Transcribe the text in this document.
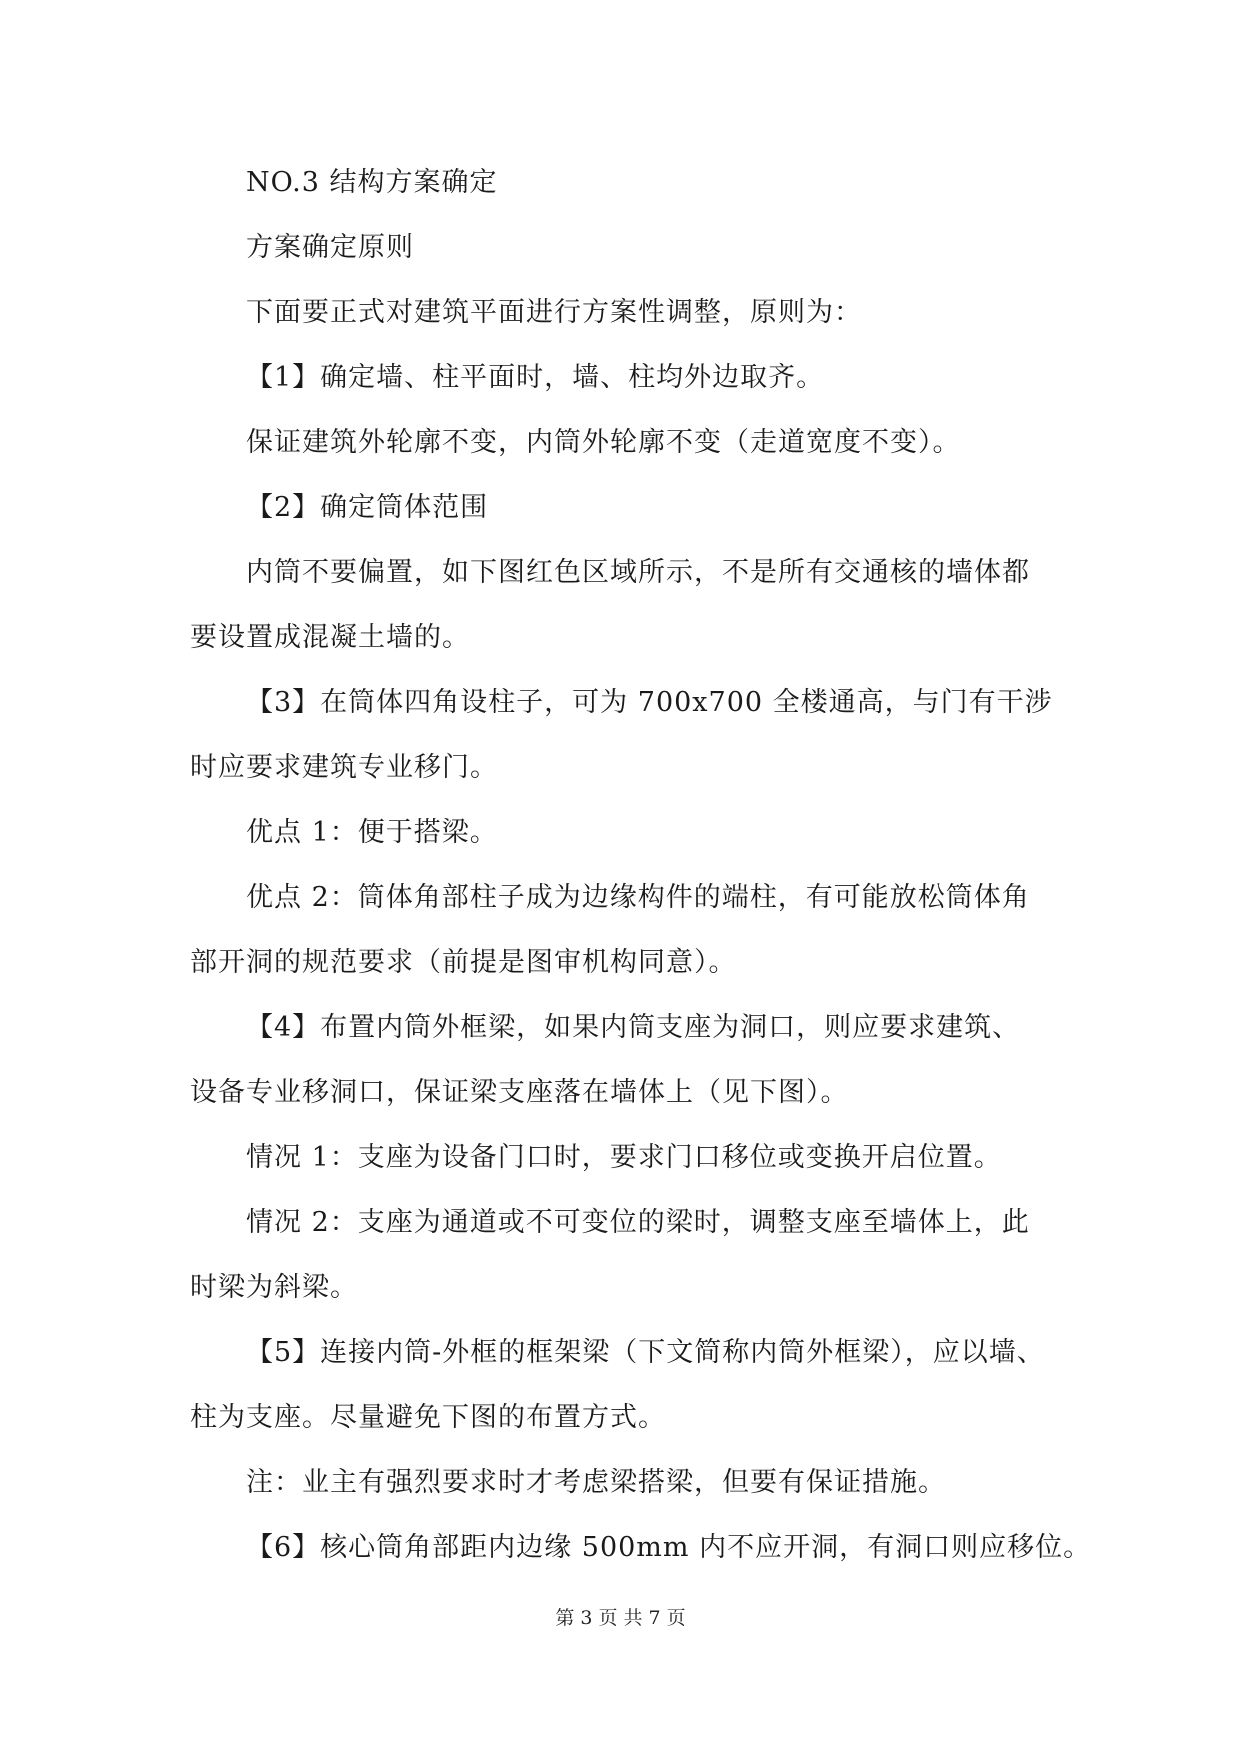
NO.3 结构方案确定
方案确定原则
下面要正式对建筑平面进行方案性调整，原则为：
【1】确定墙、柱平面时，墙、柱均外边取齐。
保证建筑外轮廓不变，内筒外轮廓不变（走道宽度不变）。
【2】确定筒体范围
内筒不要偏置，如下图红色区域所示，不是所有交通核的墙体都
要设置成混凝土墙的。
【3】在筒体四角设柱子，可为 700x700 全楼通高，与门有干涉
时应要求建筑专业移门。
优点 1：便于搭梁。
优点 2：筒体角部柱子成为边缘构件的端柱，有可能放松筒体角
部开洞的规范要求（前提是图审机构同意）。
【4】布置内筒外框梁，如果内筒支座为洞口，则应要求建筑、
设备专业移洞口，保证梁支座落在墙体上（见下图）。
情况 1：支座为设备门口时，要求门口移位或变换开启位置。
情况 2：支座为通道或不可变位的梁时，调整支座至墙体上，此
时梁为斜梁。
【5】连接内筒-外框的框架梁（下文简称内筒外框梁），应以墙、
柱为支座。尽量避免下图的布置方式。
注：业主有强烈要求时才考虑梁搭梁，但要有保证措施。
【6】核心筒角部距内边缘 500mm 内不应开洞，有洞口则应移位。
第 3 页 共 7 页
